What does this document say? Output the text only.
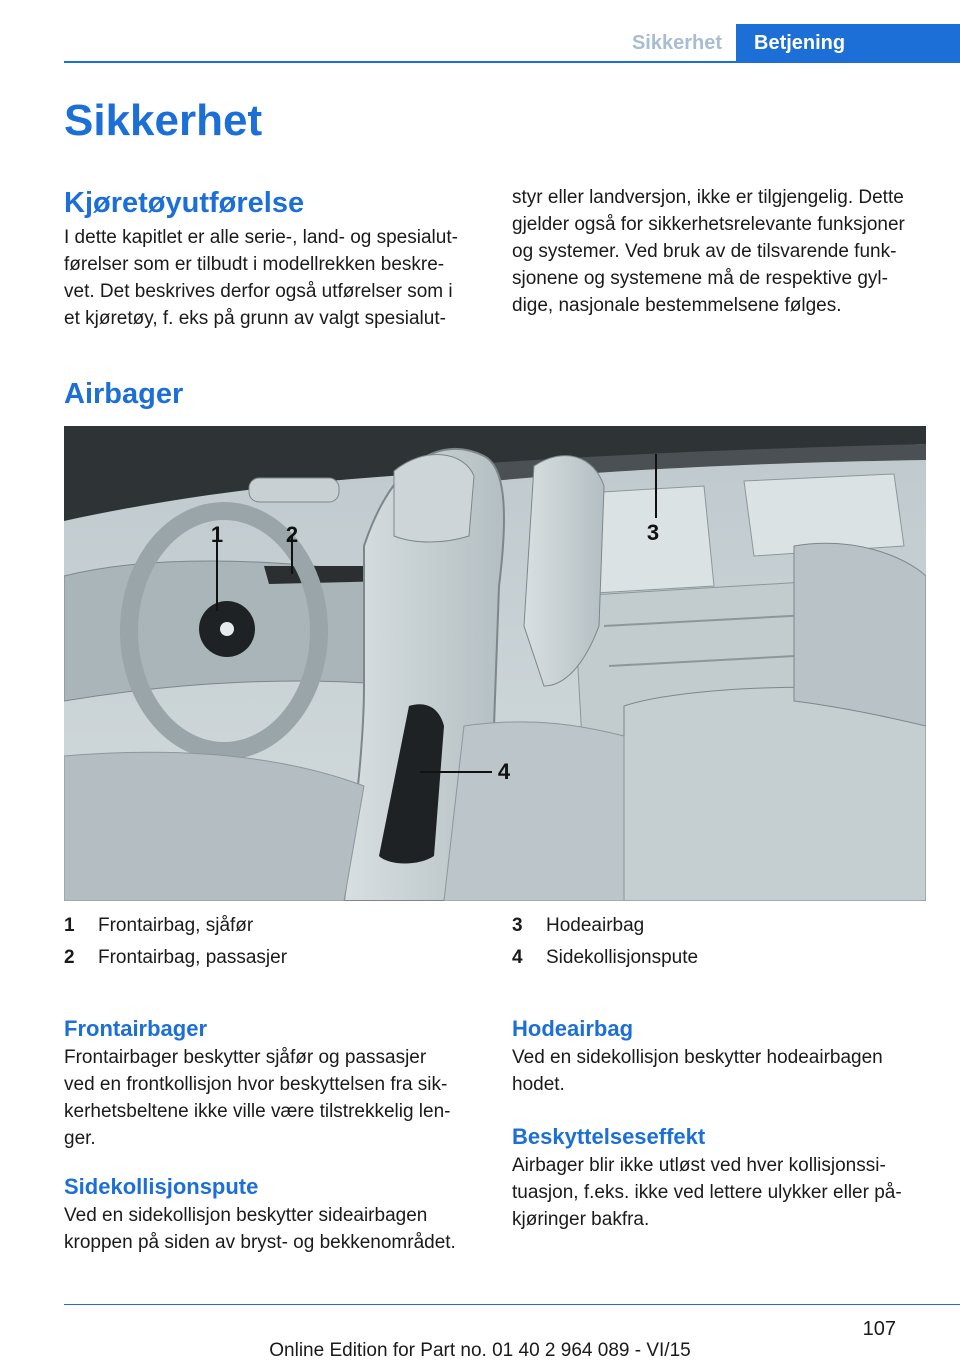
Sikkerhet	Betjening
Sikkerhet
Kjøretøyutførelse
I dette kapitlet er alle serie-, land- og spesialut-
førelser som er tilbudt i modellrekken beskre-
vet. Det beskrives derfor også utførelser som i
et kjøretøy, f. eks på grunn av valgt spesialut-
styr eller landversjon, ikke er tilgjengelig. Dette
gjelder også for sikkerhetsrelevante funksjoner
og systemer. Ved bruk av de tilsvarende funk-
sjonene og systemene må de respektive gyl-
dige, nasjonale bestemmelsene følges.
Airbager
1	2	3
4
1 Frontairbag, sjåfør
2 Frontairbag, passasjer
3 Hodeairbag
4 Sidekollisjonspute
Frontairbager
Frontairbager beskytter sjåfør og passasjer
ved en frontkollisjon hvor beskyttelsen fra sik-
kerhetsbeltene ikke ville være tilstrekkelig len-
ger.
Sidekollisjonspute
Ved en sidekollisjon beskytter sideairbagen
kroppen på siden av bryst- og bekkenområdet.
Hodeairbag
Ved en sidekollisjon beskytter hodeairbagen
hodet.
Beskyttelseseffekt
Airbager blir ikke utløst ved hver kollisjonssi-
tuasjon, f.eks. ikke ved lettere ulykker eller på-
kjøringer bakfra.
107
Online Edition for Part no. 01 40 2 964 089 - VI/15
